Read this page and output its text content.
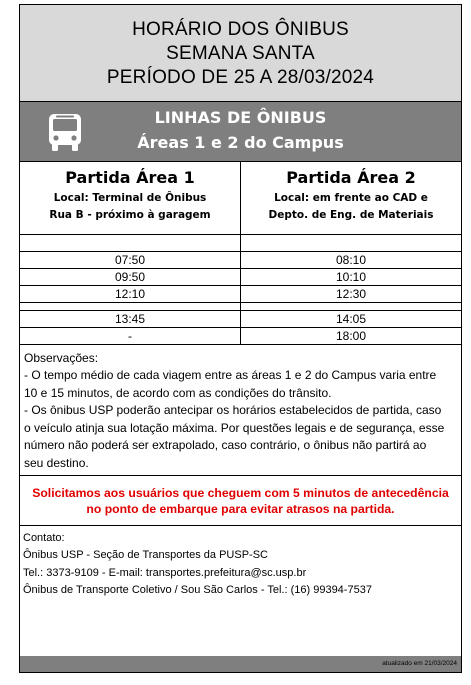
HORÁRIO DOS ÔNIBUS
SEMANA SANTA
PERÍODO DE 25 A 28/03/2024
LINHAS DE ÔNIBUS
Áreas 1 e 2 do Campus
Partida Área 1
Local: Terminal de Ônibus
Rua B - próximo à garagem
Partida Área 2
Local: em frente ao CAD e
Depto. de Eng. de Materiais

07:50	08:10
09:50	10:10
12:10	12:30

13:45	14:05
-	18:00
Observações:
- O tempo médio de cada viagem entre as áreas 1 e 2 do Campus varia entre
10 e 15 minutos, de acordo com as condições do trânsito.
- Os ônibus USP poderão antecipar os horários estabelecidos de partida, caso
o veículo atinja sua lotação máxima. Por questões legais e de segurança, esse
número não poderá ser extrapolado, caso contrário, o ônibus não partirá ao
seu destino.
Solicitamos aos usuários que cheguem com 5 minutos de antecedência
no ponto de embarque para evitar atrasos na partida.
Contato:
Ônibus USP - Seção de Transportes da PUSP-SC
Tel.: 3373-9109 - E-mail: transportes.prefeitura@sc.usp.br
Ônibus de Transporte Coletivo / Sou São Carlos - Tel.: (16) 99394-7537
atualizado em 21/03/2024
